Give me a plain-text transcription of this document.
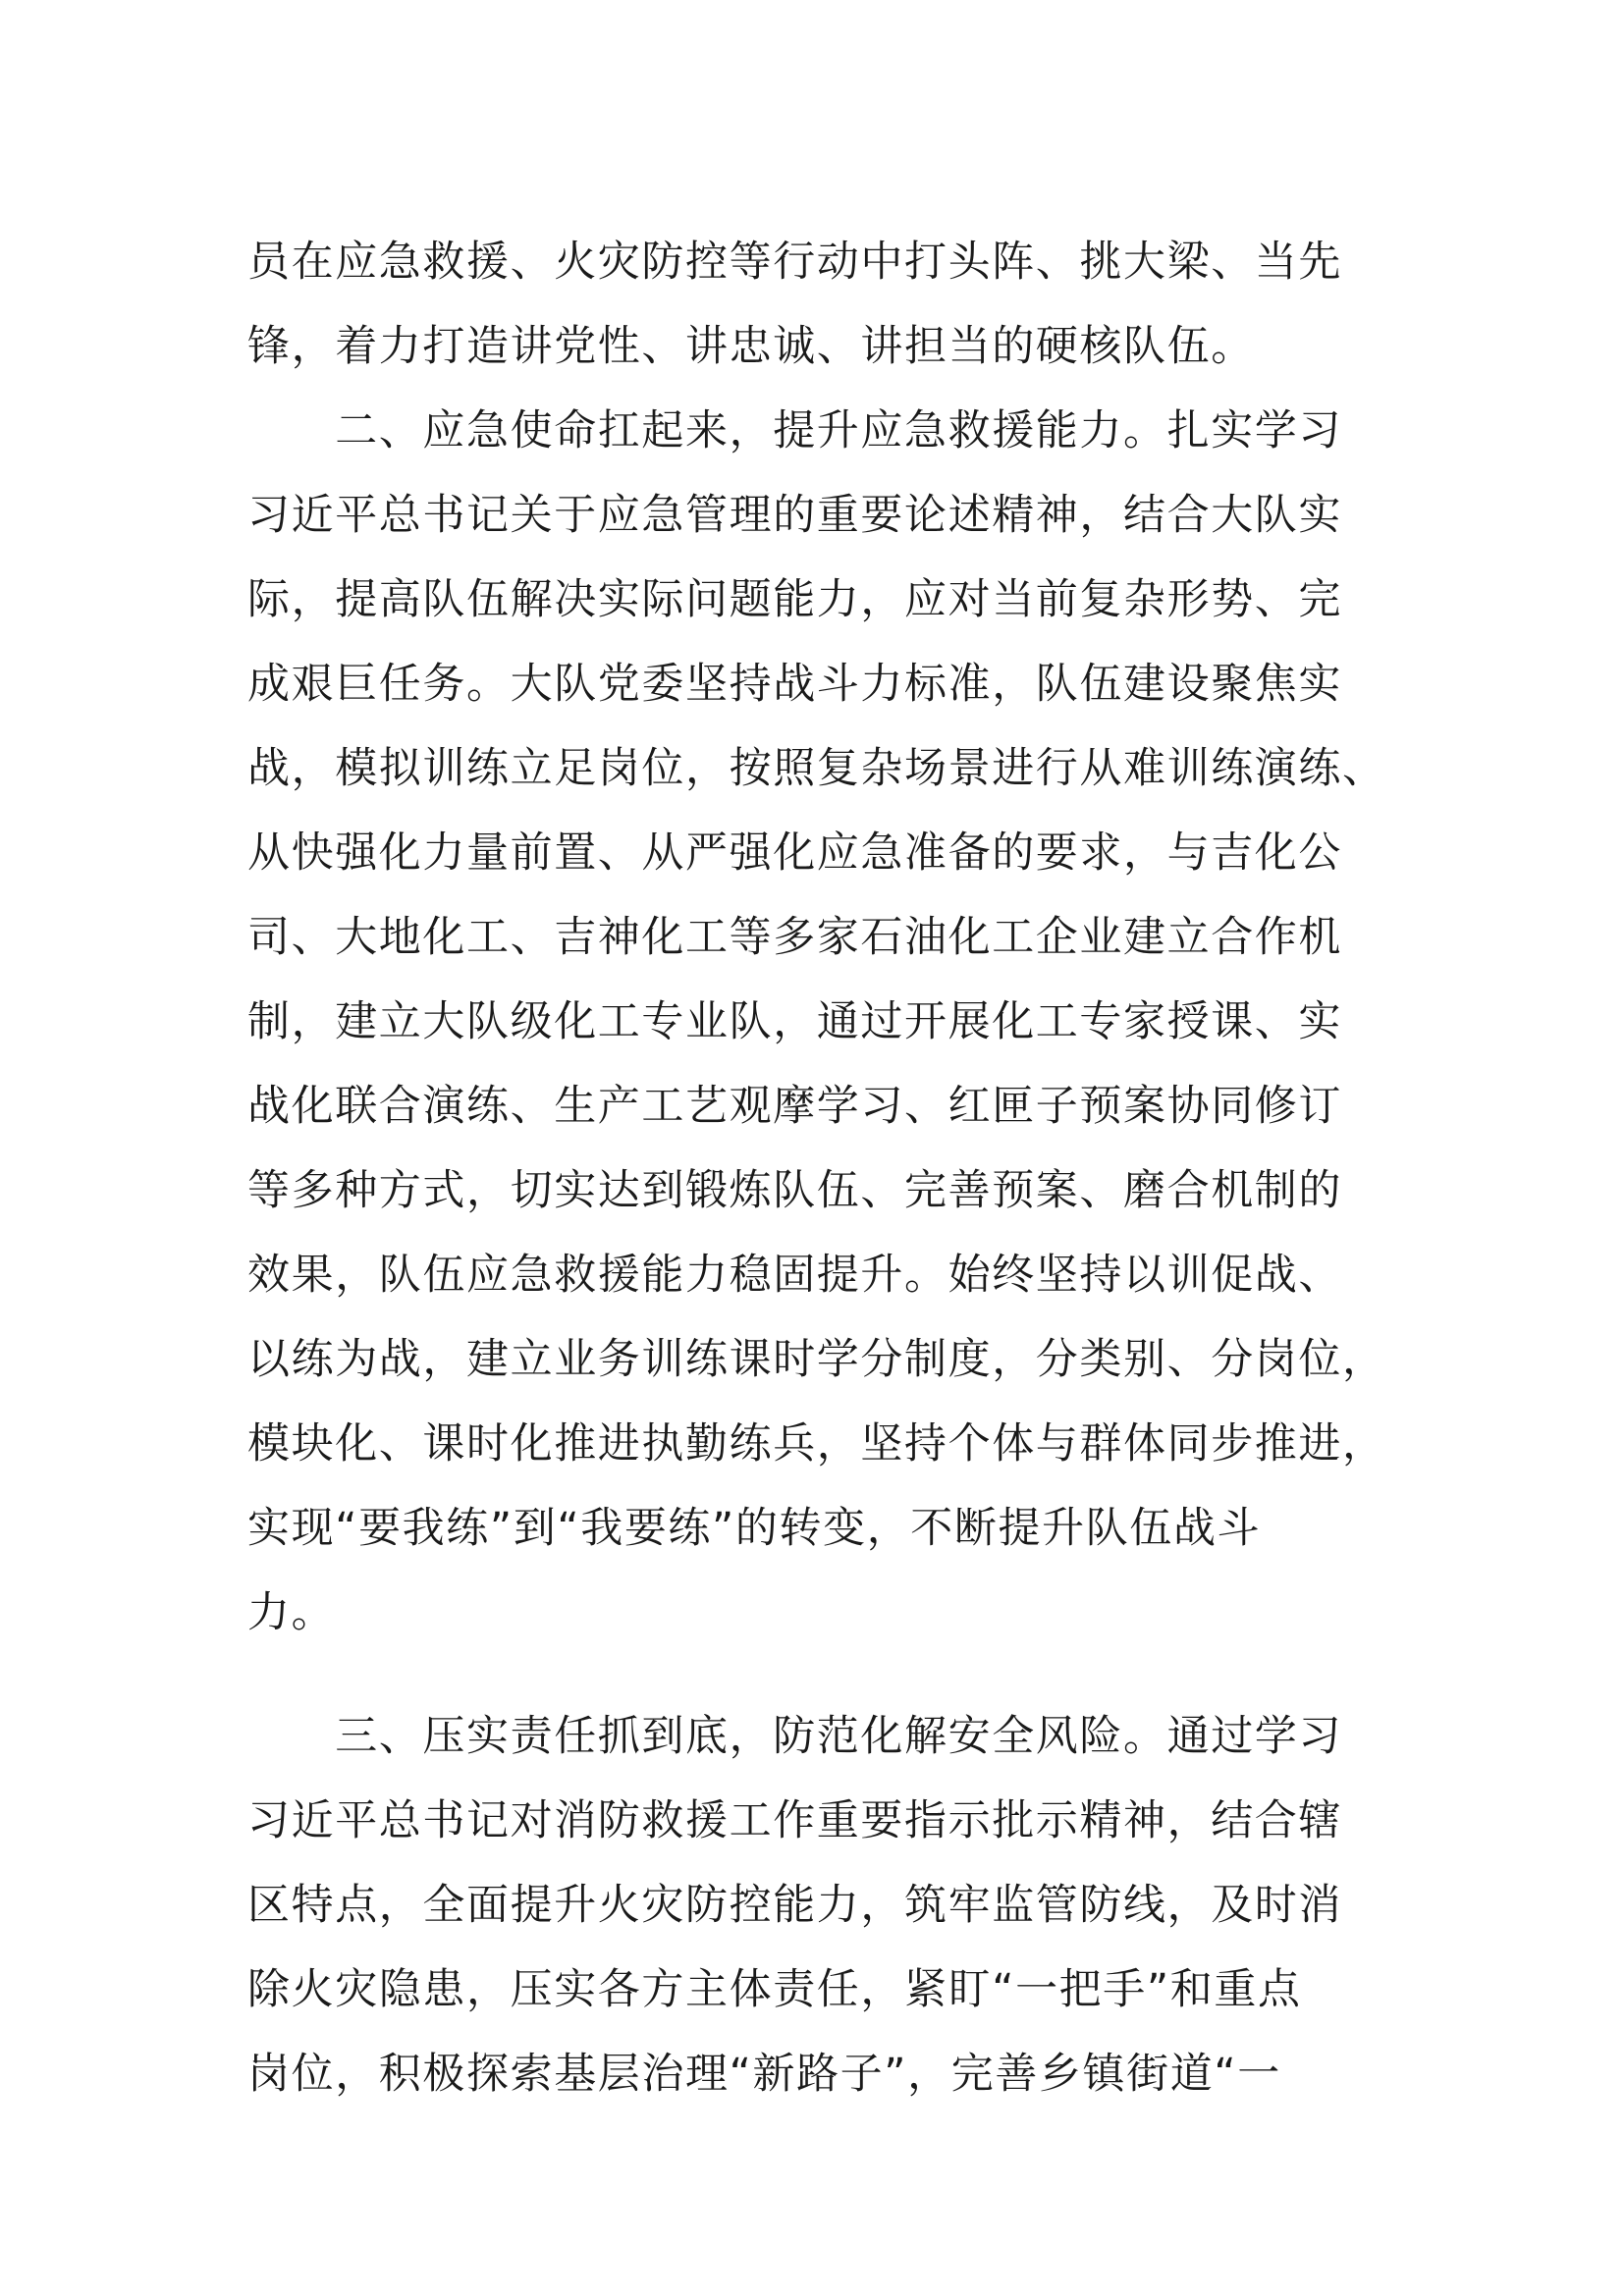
员在应急救援、火灾防控等行动中打头阵、挑大梁、当先
锋，着力打造讲党性、讲忠诚、讲担当的硬核队伍。
　　二、应急使命扛起来，提升应急救援能力。扎实学习
习近平总书记关于应急管理的重要论述精神，结合大队实
际，提高队伍解决实际问题能力，应对当前复杂形势、完
成艰巨任务。大队党委坚持战斗力标准，队伍建设聚焦实
战，模拟训练立足岗位，按照复杂场景进行从难训练演练、
从快强化力量前置、从严强化应急准备的要求，与吉化公
司、大地化工、吉神化工等多家石油化工企业建立合作机
制，建立大队级化工专业队，通过开展化工专家授课、实
战化联合演练、生产工艺观摩学习、红匣子预案协同修订
等多种方式，切实达到锻炼队伍、完善预案、磨合机制的
效果，队伍应急救援能力稳固提升。始终坚持以训促战、
以练为战，建立业务训练课时学分制度，分类别、分岗位，
模块化、课时化推进执勤练兵，坚持个体与群体同步推进，
实现“要我练”到“我要练”的转变，不断提升队伍战斗
力。
　　三、压实责任抓到底，防范化解安全风险。通过学习
习近平总书记对消防救援工作重要指示批示精神，结合辖
区特点，全面提升火灾防控能力，筑牢监管防线，及时消
除火灾隐患，压实各方主体责任，紧盯“一把手”和重点
岗位，积极探索基层治理“新路子”，完善乡镇街道“一
